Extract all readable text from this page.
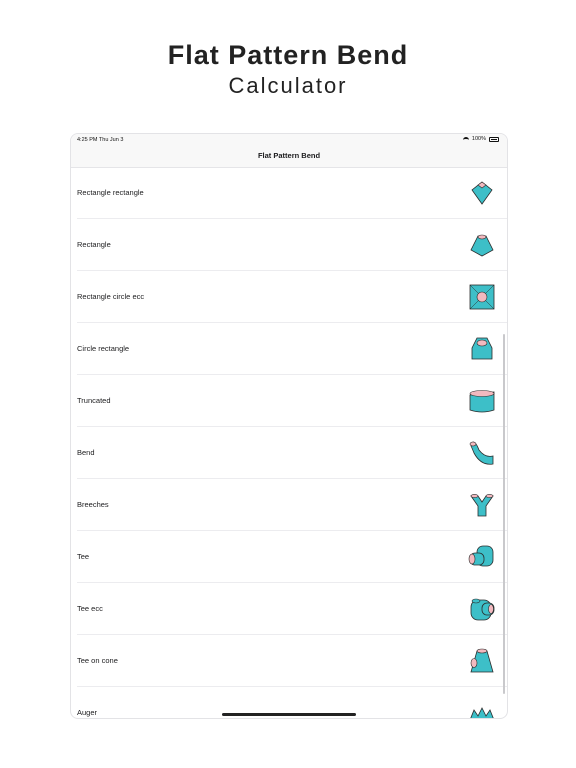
Flat Pattern Bend
Calculator
4:25 PM Thu Jun 3	100%
Flat Pattern Bend
Rectangle rectangle
Rectangle
Rectangle circle ecc
Circle rectangle
Truncated
Bend
Breeches
Tee
Tee ecc
Tee on cone
Auger
